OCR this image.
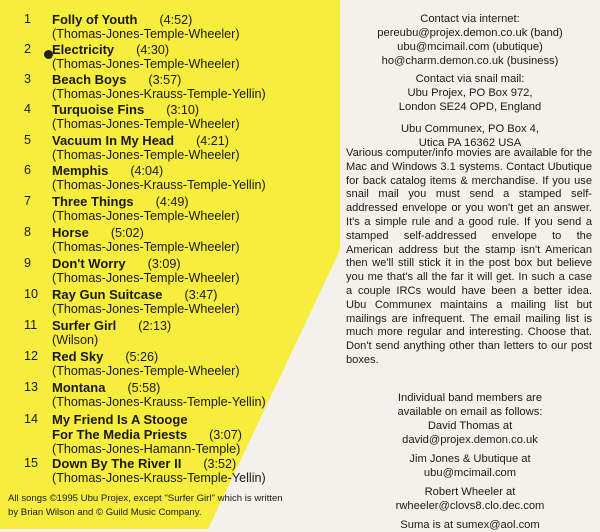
1	Folly of Youth (4:52)
(Thomas-Jones-Temple-Wheeler)
2	Electricity (4:30)
(Thomas-Jones-Temple-Wheeler)
3	Beach Boys (3:57)
(Thomas-Jones-Krauss-Temple-Yellin)
4	Turquoise Fins (3:10)
(Thomas-Jones-Temple-Wheeler)
5	Vacuum In My Head (4:21)
(Thomas-Jones-Temple-Wheeler)
6	Memphis (4:04)
(Thomas-Jones-Krauss-Temple-Yellin)
7	Three Things (4:49)
(Thomas-Jones-Temple-Wheeler)
8	Horse (5:02)
(Thomas-Jones-Temple-Wheeler)
9	Don't Worry (3:09)
(Thomas-Jones-Temple-Wheeler)
10	Ray Gun Suitcase (3:47)
(Thomas-Jones-Temple-Wheeler)
11	Surfer Girl (2:13)
(Wilson)
12	Red Sky (5:26)
(Thomas-Jones-Temple-Wheeler)
13	Montana (5:58)
(Thomas-Jones-Krauss-Temple-Yellin)
14	My Friend Is A Stooge
For The Media Priests (3:07)
(Thomas-Jones-Hamann-Temple)
15	Down By The River II (3:52)
(Thomas-Jones-Krauss-Temple-Yellin)
All songs ©1995 Ubu Projex, except "Surfer Girl" which is written
by Brian Wilson and © Guild Music Company.
Contact via internet:
pereubu@projex.demon.co.uk (band)
ubu@mcimail.com (ubutique)
ho@charm.demon.co.uk (business)
Contact via snail mail:
Ubu Projex, PO Box 972,
London SE24 OPD, England
Ubu Communex, PO Box 4,
Utica PA 16362 USA
Various computer/info movies are available for the Mac and Windows 3.1 systems. Contact Ubutique for back catalog items & merchandise. If you use snail mail you must send a stamped self-addressed envelope or you won't get an answer. It's a simple rule and a good rule. If you send a stamped self-addressed envelope to the American address but the stamp isn't American then we'll still stick it in the post box but believe you me that's all the far it will get. In such a case a couple IRCs would have been a better idea. Ubu Communex maintains a mailing list but mailings are infrequent. The email mailing list is much more regular and interesting. Choose that. Don't send anything other than letters to our post boxes.
Individual band members are
available on email as follows:
David Thomas at
david@projex.demon.co.uk
Jim Jones & Ubutique at
ubu@mcimail.com
Robert Wheeler at
rwheeler@clovs8.clo.dec.com
Suma is at sumex@aol.com
